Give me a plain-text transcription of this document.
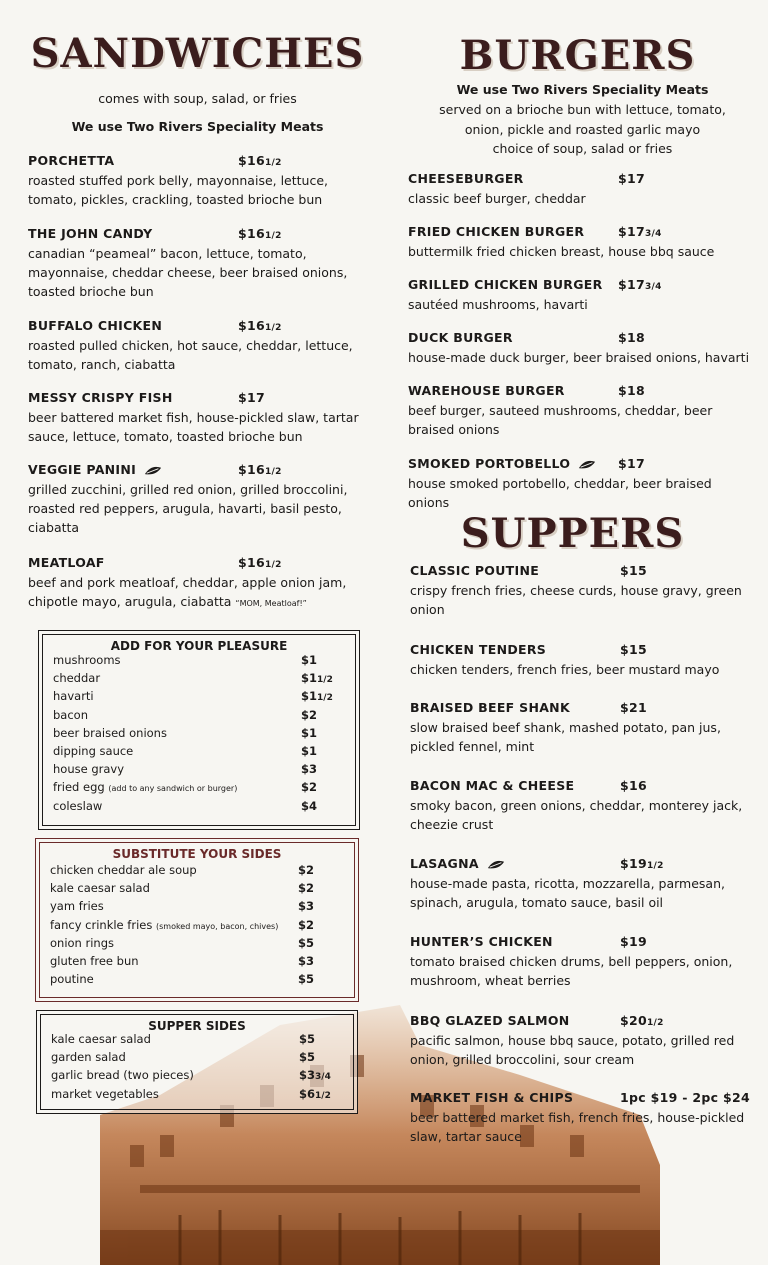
SANDWICHES
comes with soup, salad, or fries
We use Two Rivers Speciality Meats
PORCHETTA	$161/2
roasted stuffed pork belly, mayonnaise, lettuce, tomato, pickles, crackling, toasted brioche bun
THE JOHN CANDY	$161/2
canadian “peameal” bacon, lettuce, tomato, mayonnaise, cheddar cheese, beer braised onions, toasted brioche bun
BUFFALO CHICKEN	$161/2
roasted pulled chicken, hot sauce, cheddar, lettuce, tomato, ranch, ciabatta
MESSY CRISPY FISH	$17
beer battered market fish, house-pickled slaw, tartar sauce, lettuce, tomato, toasted brioche bun
VEGGIE PANINI	$161/2
grilled zucchini, grilled red onion, grilled broccolini, roasted red peppers, arugula, havarti, basil pesto, ciabatta
MEATLOAF	$161/2
beef and pork meatloaf, cheddar, apple onion jam, chipotle mayo, arugula, ciabatta “MOM, Meatloaf!”
ADD FOR YOUR PLEASURE
mushrooms	$1
cheddar	$11/2
havarti	$11/2
bacon	$2
beer braised onions	$1
dipping sauce	$1
house gravy	$3
fried egg (add to any sandwich or burger)	$2
coleslaw	$4
SUBSTITUTE YOUR SIDES
chicken cheddar ale soup	$2
kale caesar salad	$2
yam fries	$3
fancy crinkle fries (smoked mayo, bacon, chives) $2
onion rings	$5
gluten free bun	$3
poutine	$5
SUPPER SIDES
kale caesar salad	$5
garden salad	$5
garlic bread (two pieces)	$33/4
market vegetables	$61/2
BURGERS
We use Two Rivers Speciality Meats
served on a brioche bun with lettuce, tomato,
onion, pickle and roasted garlic mayo
choice of soup, salad or fries
CHEESEBURGER	$17
classic beef burger, cheddar
FRIED CHICKEN BURGER	$173/4
buttermilk fried chicken breast, house bbq sauce
GRILLED CHICKEN BURGER $173/4
sautéed mushrooms, havarti
DUCK BURGER	$18
house-made duck burger, beer braised onions, havarti
WAREHOUSE BURGER	$18
beef burger, sauteed mushrooms, cheddar, beer braised onions
SMOKED PORTOBELLO	$17
house smoked portobello, cheddar, beer braised onions
SUPPERS
CLASSIC POUTINE	$15
crispy french fries, cheese curds, house gravy, green onion
CHICKEN TENDERS	$15
chicken tenders, french fries, beer mustard mayo
BRAISED BEEF SHANK	$21
slow braised beef shank, mashed potato, pan jus, pickled fennel, mint
BACON MAC & CHEESE	$16
smoky bacon, green onions, cheddar, monterey jack, cheezie crust
LASAGNA	$191/2
house-made pasta, ricotta, mozzarella, parmesan, spinach, arugula, tomato sauce, basil oil
HUNTER’S CHICKEN	$19
tomato braised chicken drums, bell peppers, onion, mushroom, wheat berries
BBQ GLAZED SALMON	$201/2
pacific salmon, house bbq sauce, potato, grilled red onion, grilled broccolini, sour cream
MARKET FISH & CHIPS	1pc $19 - 2pc $24
beer battered market fish, french fries, house-pickled slaw, tartar sauce
